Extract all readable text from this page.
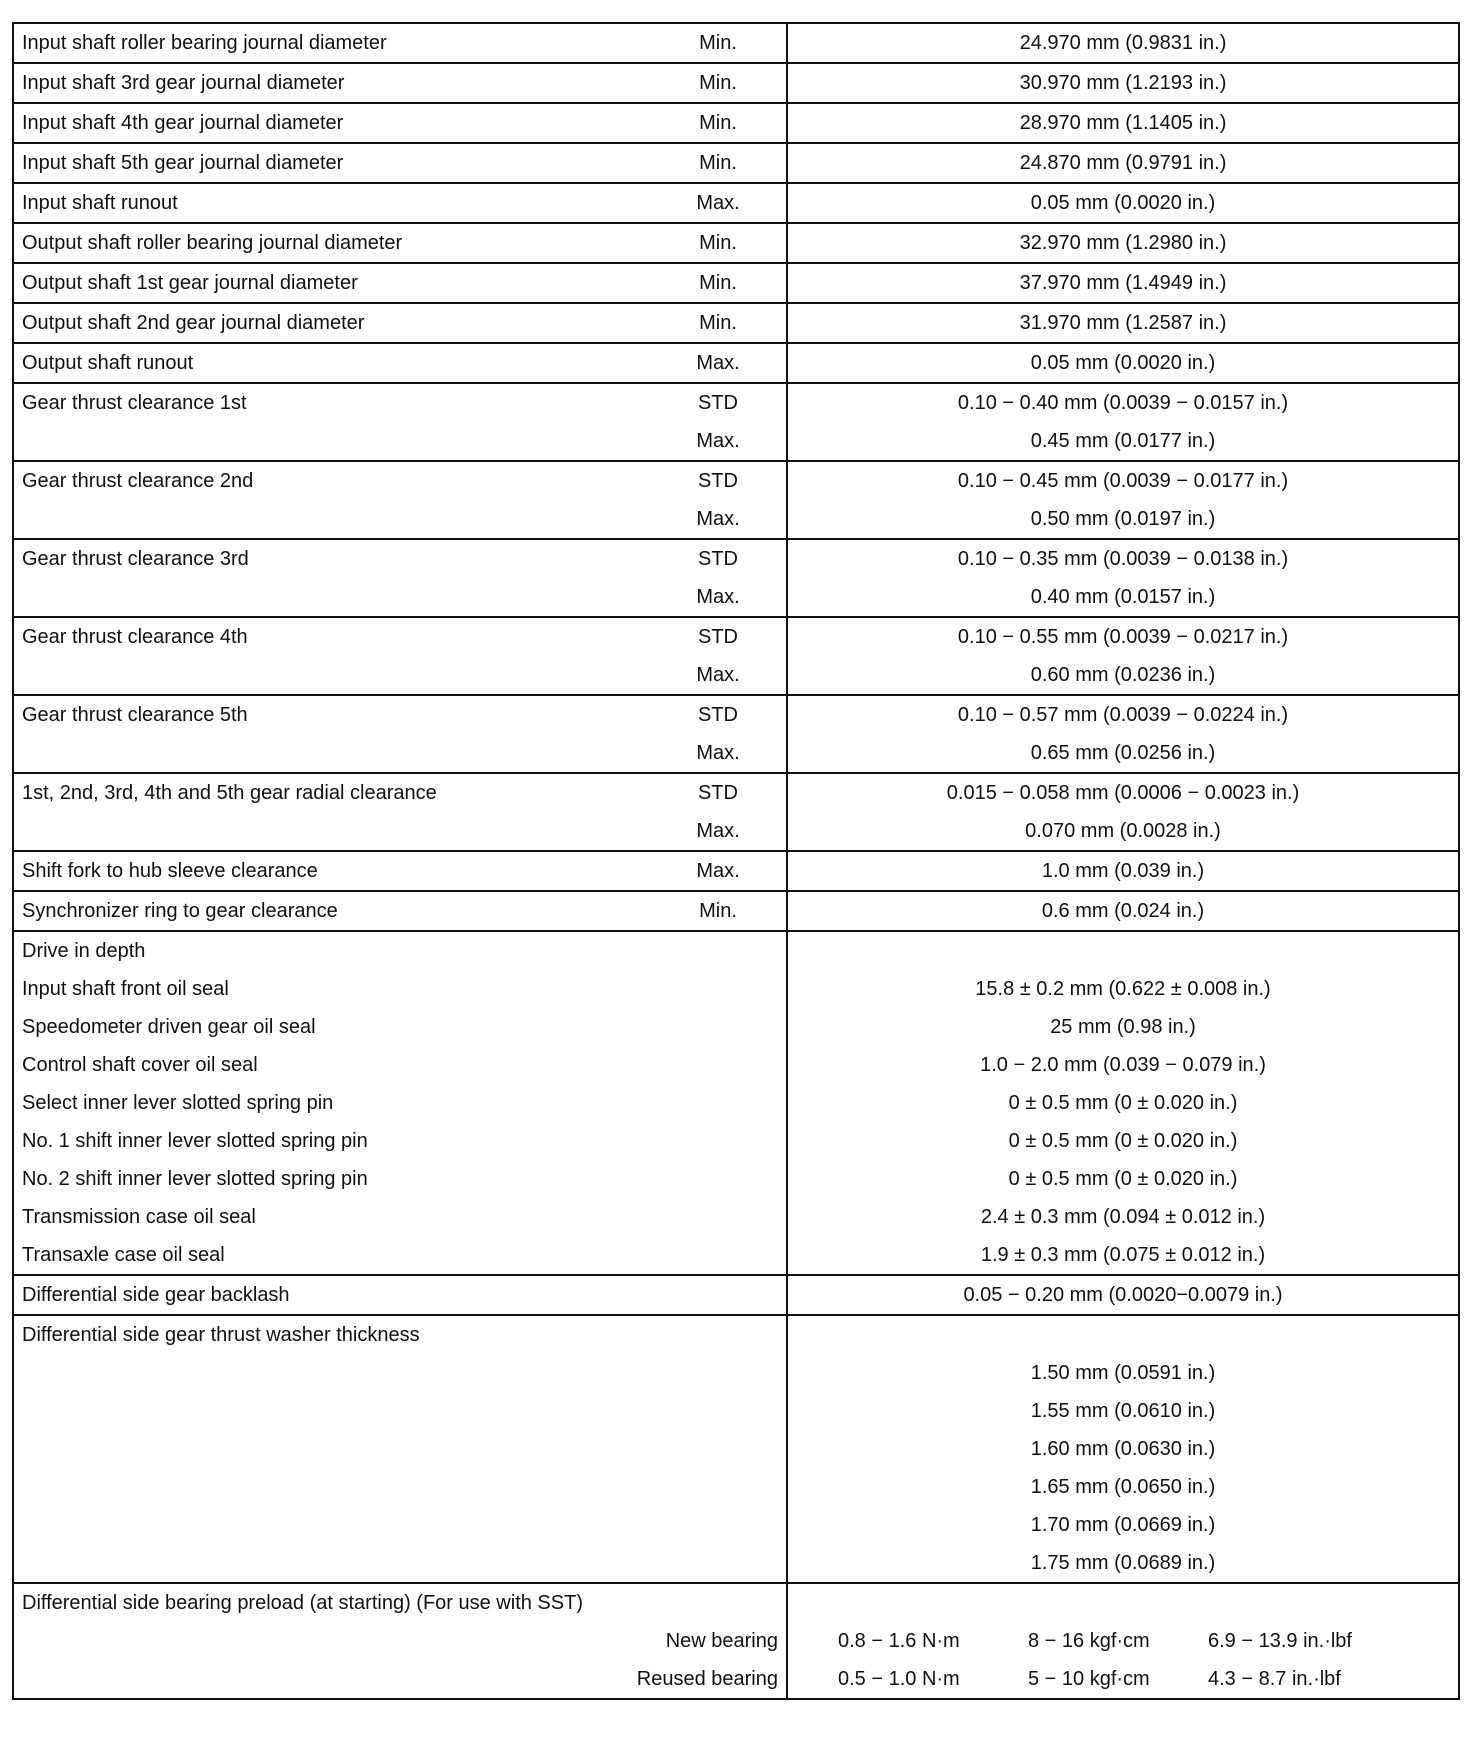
Input shaft roller bearing journal diameter	Min.	24.970 mm (0.9831 in.)
Input shaft 3rd gear journal diameter	Min.	30.970 mm (1.2193 in.)
Input shaft 4th gear journal diameter	Min.	28.970 mm (1.1405 in.)
Input shaft 5th gear journal diameter	Min.	24.870 mm (0.9791 in.)
Input shaft runout	Max.	0.05 mm (0.0020 in.)
Output shaft roller bearing journal diameter	Min.	32.970 mm (1.2980 in.)
Output shaft 1st gear journal diameter	Min.	37.970 mm (1.4949 in.)
Output shaft 2nd gear journal diameter	Min.	31.970 mm (1.2587 in.)
Output shaft runout	Max.	0.05 mm (0.0020 in.)
Gear thrust clearance 1st	STD	0.10 − 0.40 mm (0.0039 − 0.0157 in.)
	Max.	0.45 mm (0.0177 in.)
Gear thrust clearance 2nd	STD	0.10 − 0.45 mm (0.0039 − 0.0177 in.)
	Max.	0.50 mm (0.0197 in.)
Gear thrust clearance 3rd	STD	0.10 − 0.35 mm (0.0039 − 0.0138 in.)
	Max.	0.40 mm (0.0157 in.)
Gear thrust clearance 4th	STD	0.10 − 0.55 mm (0.0039 − 0.0217 in.)
	Max.	0.60 mm (0.0236 in.)
Gear thrust clearance 5th	STD	0.10 − 0.57 mm (0.0039 − 0.0224 in.)
	Max.	0.65 mm (0.0256 in.)
1st, 2nd, 3rd, 4th and 5th gear radial clearance	STD	0.015 − 0.058 mm (0.0006 − 0.0023 in.)
	Max.	0.070 mm (0.0028 in.)
Shift fork to hub sleeve clearance	Max.	1.0 mm (0.039 in.)
Synchronizer ring to gear clearance	Min.	0.6 mm (0.024 in.)
Drive in depth		
Input shaft front oil seal		15.8 ± 0.2 mm (0.622 ± 0.008 in.)
Speedometer driven gear oil seal		25 mm (0.98 in.)
Control shaft cover oil seal		1.0 − 2.0 mm (0.039 − 0.079 in.)
Select inner lever slotted spring pin		0 ± 0.5 mm (0 ± 0.020 in.)
No. 1 shift inner lever slotted spring pin		0 ± 0.5 mm (0 ± 0.020 in.)
No. 2 shift inner lever slotted spring pin		0 ± 0.5 mm (0 ± 0.020 in.)
Transmission case oil seal		2.4 ± 0.3 mm (0.094 ± 0.012 in.)
Transaxle case oil seal		1.9 ± 0.3 mm (0.075 ± 0.012 in.)
Differential side gear backlash		0.05 − 0.20 mm (0.0020−0.0079 in.)
Differential side gear thrust washer thickness		
		1.50 mm (0.0591 in.)
		1.55 mm (0.0610 in.)
		1.60 mm (0.0630 in.)
		1.65 mm (0.0650 in.)
		1.70 mm (0.0669 in.)
		1.75 mm (0.0689 in.)
Differential side bearing preload (at starting) (For use with SST)		
New bearing		0.8 − 1.6 N·m 8 − 16 kgf·cm 6.9 − 13.9 in.·lbf
Reused bearing		0.5 − 1.0 N·m 5 − 10 kgf·cm 4.3 − 8.7 in.·lbf
